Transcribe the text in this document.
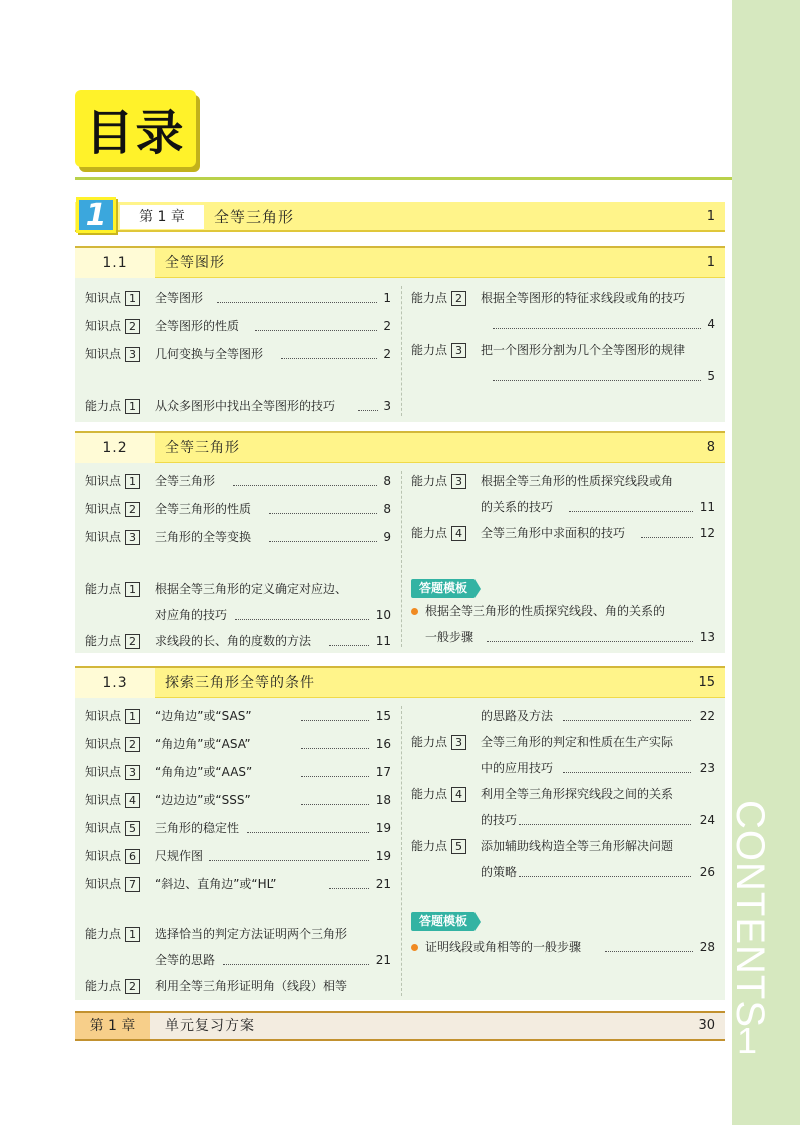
CONTENTS
1
目录
1	第 1 章	全等三角形	1
1.1	全等图形	1
知识点 1	全等图形	1
知识点 2	全等图形的性质	2
知识点 3	几何变换与全等图形	2
能力点 1	从众多图形中找出全等图形的技巧	3
能力点 2	根据全等图形的特征求线段或角的技巧
4
能力点 3	把一个图形分割为几个全等图形的规律
5
1.2	全等三角形	8
知识点 1	全等三角形	8
知识点 2	全等三角形的性质	8
知识点 3	三角形的全等变换	9
能力点 1	根据全等三角形的定义确定对应边、
对应角的技巧	10
能力点 2	求线段的长、角的度数的方法	11
能力点 3	根据全等三角形的性质探究线段或角
的关系的技巧	11
能力点 4	全等三角形中求面积的技巧	12
答题模板
根据全等三角形的性质探究线段、角的关系的
一般步骤	13
1.3	探索三角形全等的条件	15
知识点 1	“边角边”或“SAS”	15
知识点 2	“角边角”或“ASA”	16
知识点 3	“角角边”或“AAS”	17
知识点 4	“边边边”或“SSS”	18
知识点 5	三角形的稳定性	19
知识点 6	尺规作图	19
知识点 7	“斜边、直角边”或“HL”	21
能力点 1	选择恰当的判定方法证明两个三角形
全等的思路	21
能力点 2	利用全等三角形证明角（线段）相等
的思路及方法	22
能力点 3	全等三角形的判定和性质在生产实际
中的应用技巧	23
能力点 4	利用全等三角形探究线段之间的关系
的技巧	24
能力点 5	添加辅助线构造全等三角形解决问题
的策略	26
答题模板
证明线段或角相等的一般步骤	28
第 1 章	单元复习方案	30
